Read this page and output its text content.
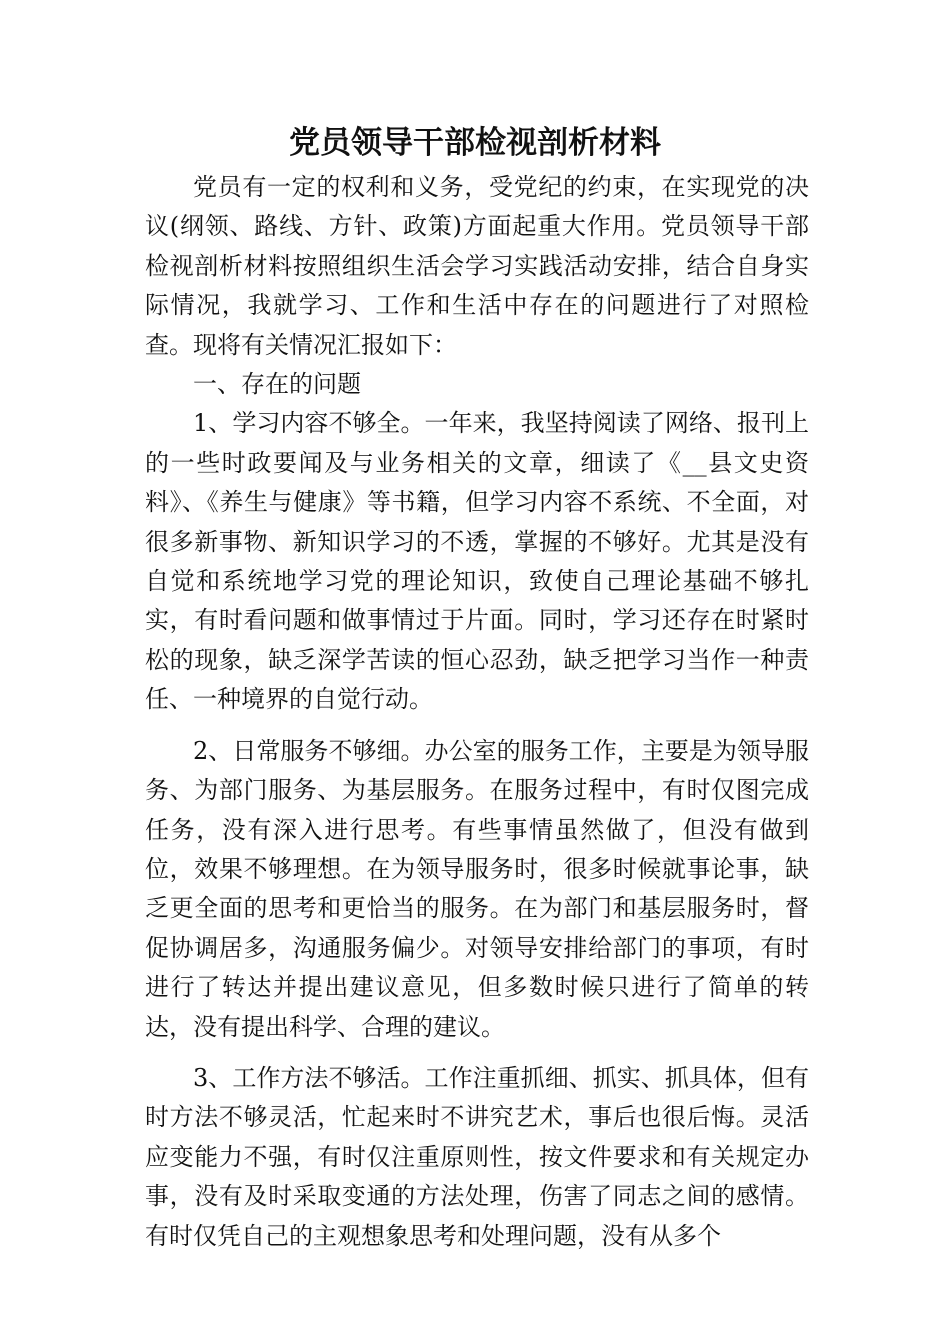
党员领导干部检视剖析材料

党员有一定的权利和义务，受党纪的约束，在实现党的决议(纲领、路线、方针、政策)方面起重大作用。党员领导干部检视剖析材料按照组织生活会学习实践活动安排，结合自身实际情况，我就学习、工作和生活中存在的问题进行了对照检查。现将有关情况汇报如下：

一、存在的问题

1、学习内容不够全。一年来，我坚持阅读了网络、报刊上的一些时政要闻及与业务相关的文章，细读了《__县文史资料》、《养生与健康》等书籍，但学习内容不系统、不全面，对很多新事物、新知识学习的不透，掌握的不够好。尤其是没有自觉和系统地学习党的理论知识，致使自己理论基础不够扎实，有时看问题和做事情过于片面。同时，学习还存在时紧时松的现象，缺乏深学苦读的恒心忍劲，缺乏把学习当作一种责任、一种境界的自觉行动。

2、日常服务不够细。办公室的服务工作，主要是为领导服务、为部门服务、为基层服务。在服务过程中，有时仅图完成任务，没有深入进行思考。有些事情虽然做了，但没有做到位，效果不够理想。在为领导服务时，很多时候就事论事，缺乏更全面的思考和更恰当的服务。在为部门和基层服务时，督促协调居多，沟通服务偏少。对领导安排给部门的事项，有时进行了转达并提出建议意见，但多数时候只进行了简单的转达，没有提出科学、合理的建议。

3、工作方法不够活。工作注重抓细、抓实、抓具体，但有时方法不够灵活，忙起来时不讲究艺术，事后也很后悔。灵活应变能力不强，有时仅注重原则性，按文件要求和有关规定办事，没有及时采取变通的方法处理，伤害了同志之间的感情。有时仅凭自己的主观想象思考和处理问题，没有从多个
